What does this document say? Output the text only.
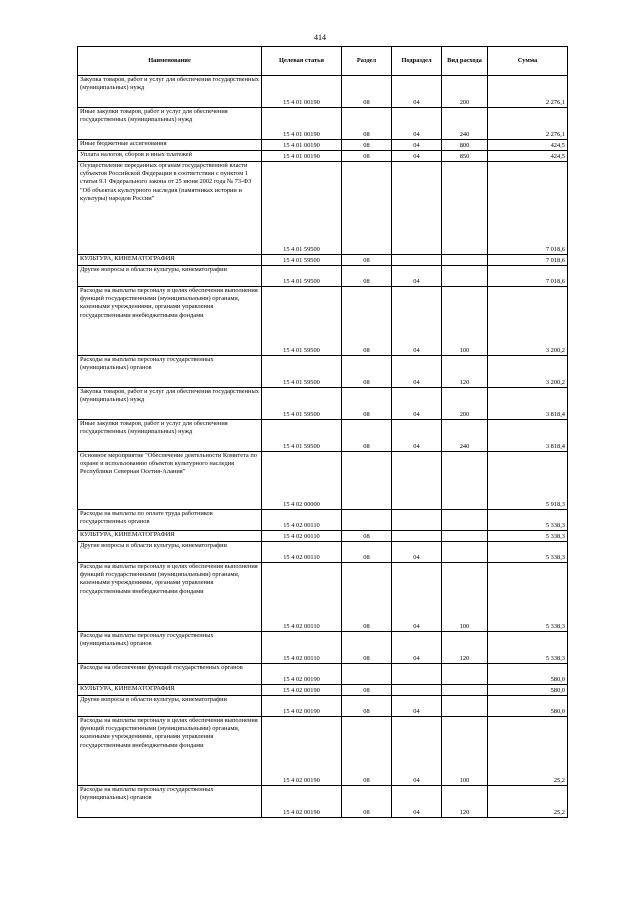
414
Наименование	Целевая статья	Раздел	Подраздел	Вид расхода	Сумма
Закупка товаров, работ и услуг для обеспечения государственных (муниципальных) нужд	15 4 01 00190	08	04	200	2 276,1
Иные закупки товаров, работ и услуг для обеспечения государственных (муниципальных) нужд	15 4 01 00190	08	04	240	2 276,1
Иные бюджетные ассигнования	15 4 01 00190	08	04	800	424,5
Уплата налогов, сборов и иных платежей	15 4 01 00190	08	04	850	424,5
Осуществление переданных органам государственной власти субъектов Российской Федерации в соответствии с пунктом 1 статьи 9.1 Федерального закона от 25 июня 2002 года № 73-ФЗ "Об объектах культурного наследия (памятниках истории и культуры) народов России"	15 4 01 59500				7 018,6
КУЛЬТУРА, КИНЕМАТОГРАФИЯ	15 4 01 59500	08			7 018,6
Другие вопросы в области культуры, кинематографии	15 4 01 59500	08	04		7 018,6
Расходы на выплаты персоналу в целях обеспечения выполнения функций государственными (муниципальными) органами, казенными учреждениями, органами управления государственными внебюджетными фондами	15 4 01 59500	08	04	100	3 200,2
Расходы на выплаты персоналу государственных (муниципальных) органов	15 4 01 59500	08	04	120	3 200,2
Закупка товаров, работ и услуг для обеспечения государственных (муниципальных) нужд	15 4 01 59500	08	04	200	3 818,4
Иные закупки товаров, работ и услуг для обеспечения государственных (муниципальных) нужд	15 4 01 59500	08	04	240	3 818,4
Основное мероприятие "Обеспечение деятельности Комитета по охране и использованию объектов культурного наследия Республики Северная Осетия-Алания"	15 4 02 00000				5 918,3
Расходы на выплаты по оплате труда работников государственных органов	15 4 02 00110				5 338,3
КУЛЬТУРА, КИНЕМАТОГРАФИЯ	15 4 02 00110	08			5 338,3
Другие вопросы в области культуры, кинематографии	15 4 02 00110	08	04		5 338,3
Расходы на выплаты персоналу в целях обеспечения выполнения функций государственными (муниципальными) органами, казенными учреждениями, органами управления государственными внебюджетными фондами	15 4 02 00110	08	04	100	5 338,3
Расходы на выплаты персоналу государственных (муниципальных) органов	15 4 02 00110	08	04	120	5 338,3
Расходы на обеспечение функций государственных органов	15 4 02 00190				580,0
КУЛЬТУРА, КИНЕМАТОГРАФИЯ	15 4 02 00190	08			580,0
Другие вопросы в области культуры, кинематографии	15 4 02 00190	08	04		580,0
Расходы на выплаты персоналу в целях обеспечения выполнения функций государственными (муниципальными) органами, казенными учреждениями, органами управления государственными внебюджетными фондами	15 4 02 00190	08	04	100	25,2
Расходы на выплаты персоналу государственных (муниципальных) органов	15 4 02 00190	08	04	120	25,2
